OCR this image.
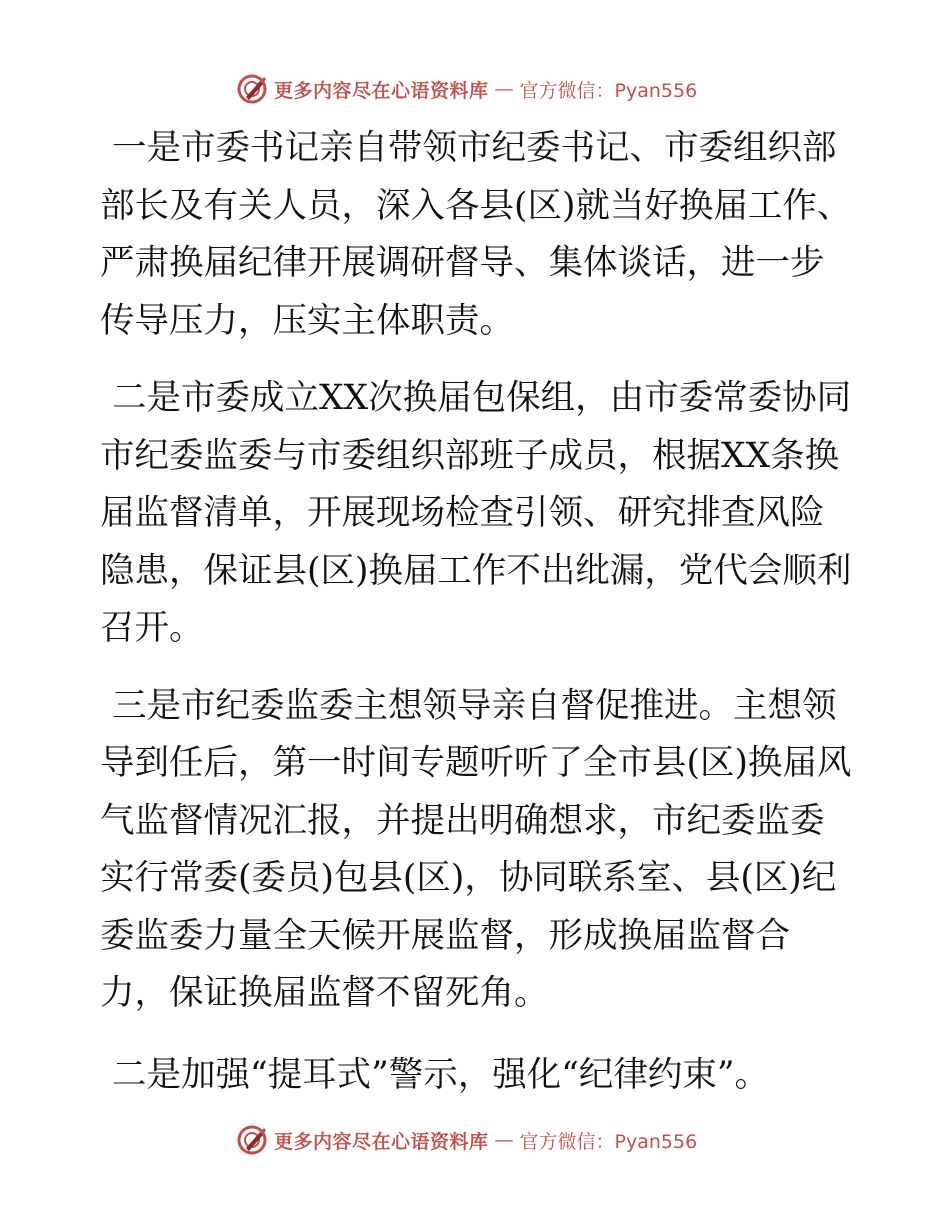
更多内容尽在心语资料库 — 官方微信：Pyan556

一是市委书记亲自带领市纪委书记、市委组织部部长及有关人员，深入各县(区)就当好换届工作、严肃换届纪律开展调研督导、集体谈话，进一步传导压力，压实主体职责。

二是市委成立XX次换届包保组，由市委常委协同市纪委监委与市委组织部班子成员，根据XX条换届监督清单，开展现场检查引领、研究排查风险隐患，保证县(区)换届工作不出纰漏，党代会顺利召开。

三是市纪委监委主想领导亲自督促推进。主想领导到任后，第一时间专题听听了全市县(区)换届风气监督情况汇报，并提出明确想求，市纪委监委实行常委(委员)包县(区)，协同联系室、县(区)纪委监委力量全天候开展监督，形成换届监督合力，保证换届监督不留死角。

二是加强“提耳式”警示，强化“纪律约束”。

更多内容尽在心语资料库 — 官方微信：Pyan556
